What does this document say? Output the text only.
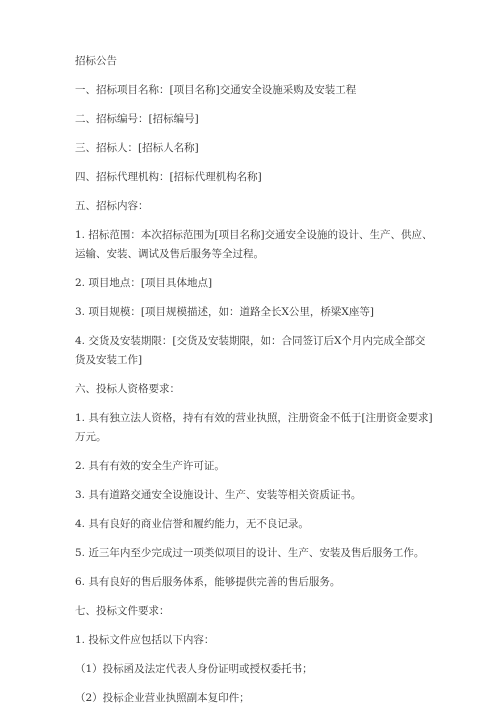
招标公告

一、招标项目名称：[项目名称]交通安全设施采购及安装工程

二、招标编号：[招标编号]

三、招标人：[招标人名称]

四、招标代理机构：[招标代理机构名称]

五、招标内容：

1. 招标范围：本次招标范围为[项目名称]交通安全设施的设计、生产、供应、运输、安装、调试及售后服务等全过程。

2. 项目地点：[项目具体地点]

3. 项目规模：[项目规模描述，如：道路全长X公里，桥梁X座等]

4. 交货及安装期限：[交货及安装期限，如：合同签订后X个月内完成全部交货及安装工作]

六、投标人资格要求：

1. 具有独立法人资格，持有有效的营业执照，注册资金不低于[注册资金要求]万元。

2. 具有有效的安全生产许可证。

3. 具有道路交通安全设施设计、生产、安装等相关资质证书。

4. 具有良好的商业信誉和履约能力，无不良记录。

5. 近三年内至少完成过一项类似项目的设计、生产、安装及售后服务工作。

6. 具有良好的售后服务体系，能够提供完善的售后服务。

七、投标文件要求：

1. 投标文件应包括以下内容：

（1）投标函及法定代表人身份证明或授权委托书；

（2）投标企业营业执照副本复印件；
